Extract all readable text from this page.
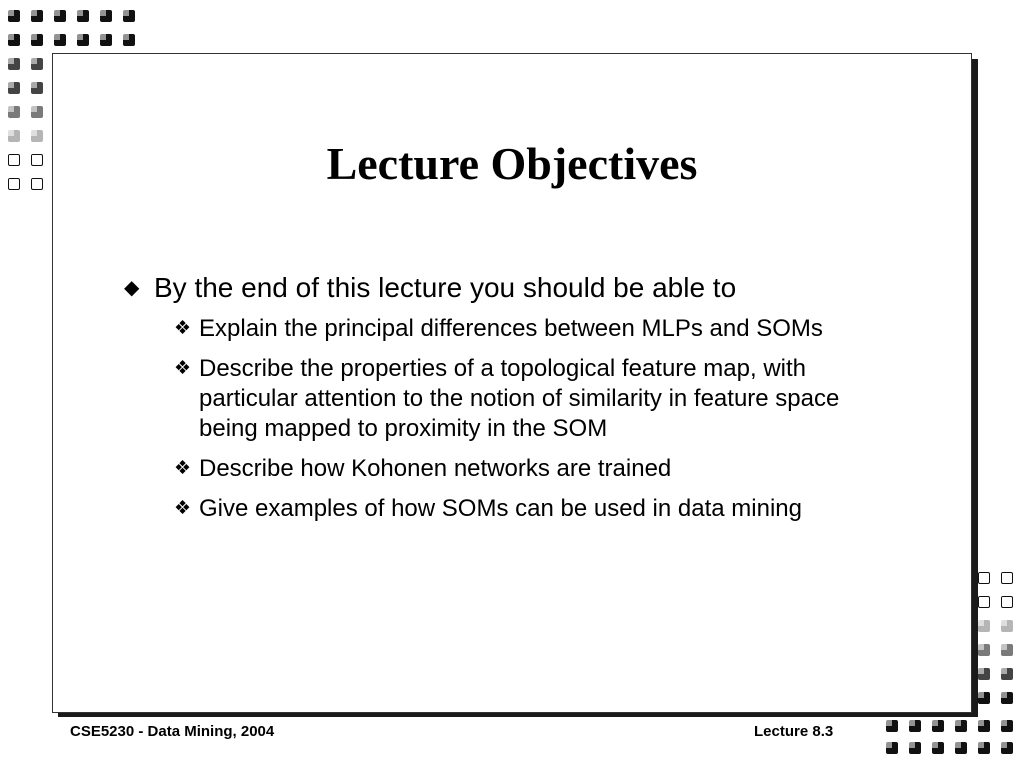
Lecture Objectives
◆ By the end of this lecture you should be able to
❖ Explain the principal differences between MLPs and SOMs
❖ Describe the properties of a topological feature map, with particular attention to the notion of similarity in feature space being mapped to proximity in the SOM
❖ Describe how Kohonen networks are trained
❖ Give examples of how SOMs can be used in data mining
CSE5230 - Data Mining, 2004	Lecture 8.3
